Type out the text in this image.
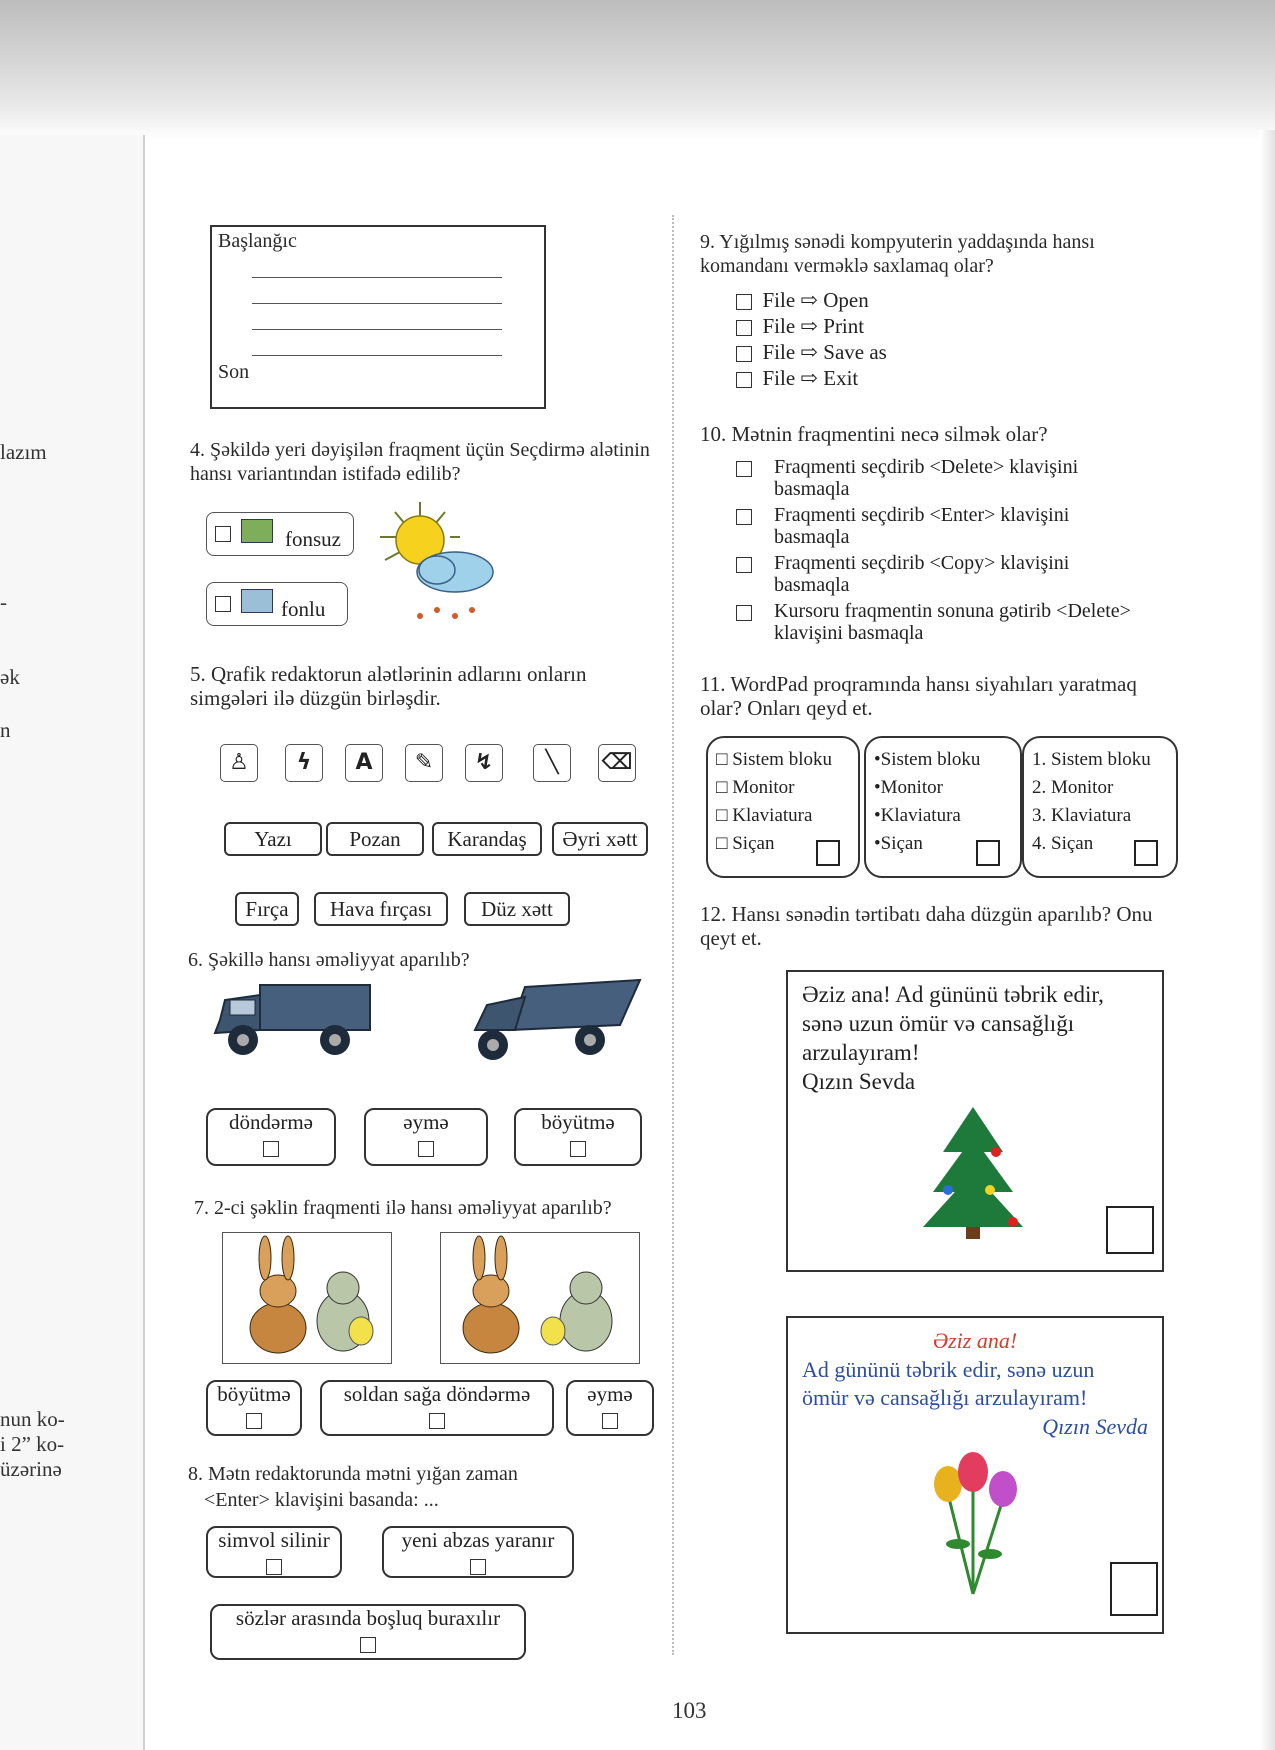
lazım
-
ək
n
nun ko-
i 2” ko-
üzərinə
Başlanğıc
Son
4. Şəkildə yeri dəyişilən fraqment üçün Seçdirmə alətinin hansı variantından istifadə edilib?
fonsuz
fonlu
5. Qrafik redaktorun alətlərinin adlarını onların simgələri ilə düzgün birləşdir.
♙	ϟ	A	✎	↯	╲	⌫
Yazı	Pozan	Karandaş	Əyri xətt
Fırça	Hava fırçası	Düz xətt
6. Şəkillə hansı əməliyyat aparılıb?
döndərmə	əymə	böyütmə
7. 2-ci şəklin fraqmenti ilə hansı əməliyyat aparılıb?
böyütmə	soldan sağa döndərmə	əymə
8. Mətn redaktorunda mətni yığan zaman
<Enter> klavişini basanda: ...
simvol silinir	yeni abzas yaranır
sözlər arasında boşluq buraxılır
9. Yığılmış sənədi kompyuterin yaddaşında hansı komandanı verməklə saxlamaq olar?
File ⇨ Open
File ⇨ Print
File ⇨ Save as
File ⇨ Exit
10. Mətnin fraqmentini necə silmək olar?
Fraqmenti seçdirib <Delete> klavişini basmaqla
Fraqmenti seçdirib <Enter> klavişini basmaqla
Fraqmenti seçdirib <Copy> klavişini basmaqla
Kursoru fraqmentin sonuna gətirib <Delete> klavişini basmaqla
11. WordPad proqramında hansı siyahıları yaratmaq olar? Onları qeyd et.
□ Sistem bloku
□ Monitor
□ Klaviatura
□ Siçan
•Sistem bloku
•Monitor
•Klaviatura
•Siçan
1. Sistem bloku
2. Monitor
3. Klaviatura
4. Siçan
12. Hansı sənədin tərtibatı daha düzgün aparılıb? Onu qeyt et.
Əziz ana! Ad gününü təbrik edir,
sənə uzun ömür və cansağlığı
arzulayıram!
Qızın Sevda
Əziz ana!
Ad gününü təbrik edir, sənə uzun
ömür və cansağlığı arzulayıram!
Qızın Sevda
103
